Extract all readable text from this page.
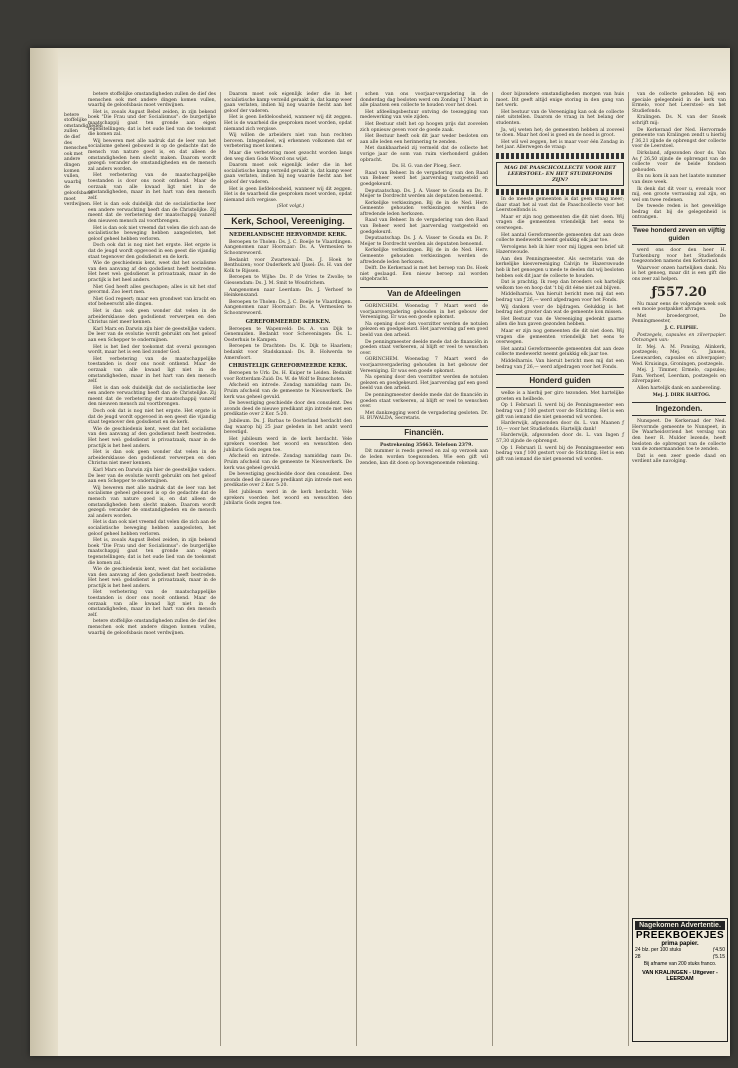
betere stoffelijke omstandigheden zullen de dief des menschen ook met andere dingen komen vullen, waarbij de geloofsbasis moet verdwijnen.

betere stoffelijke omstandigheden zullen de dief des menschen ook met andere dingen komen vullen, waarbij de geloofsbasis moet verdwijnen.

Het is, zooals August Bebel zeiden, in zijn bekend boek "Die Frau und der Socialismus": de burgerlijke maatschappij gaat ten gronde aan eigen tegenstellingen; dat is het oude lied van de toekomst die komen zal.

Wij beweren met alle nadruk dat de leer van het socialisme geheel gebouwd is op de gedachte dat de mensch van nature goed is, en dat alleen de omstandigheden hem slecht maken. Daarom wordt gezegd: verander de omstandigheden en de mensch zal anders worden.

Het verbetering van de maatschappelijke toestanden is door ons nooit ontkend. Maar de oorzaak van alle kwaad ligt niet in de omstandigheden, maar in het hart van den mensch zelf.

Het is dan ook duidelijk dat de socialistische leer een andere verwachting heeft dan de Christelijke. Zij meent dat de verbetering der maatschappij vanzelf den nieuwen mensch zal voortbrengen.

Het is dan ook niet vreemd dat velen die zich aan de socialistische beweging hebben aangesloten, het geloof geheel hebben verloren.

Doch ook dat is nog niet het ergste. Het ergste is dat de jeugd wordt opgevoed in een geest die vijandig staat tegenover den godsdienst en de kerk.

Wie de geschiedenis kent, weet dat het socialisme van den aanvang af den godsdienst heeft bestreden. Het heet wel: godsdienst is privaatzaak, maar in de practijk is het heel anders.

Niet God heeft alles geschapen; alles is uit het stof gevormd. Zoo leert men.

Niet God regeert; maar een grondwet van kracht en stof beheerscht alle dingen.

Het is dan ook geen wonder dat velen in de arbeidersklasse den godsdienst verwerpen en den Christus niet meer kennen.

Karl Marx en Darwin zijn hier de geestelijke vaders. De leer van de evolutie wordt gebruikt om het geloof aan een Schepper te ondermijnen.

Het is het lied der toekomst dat overal gezongen wordt, maar het is een lied zonder God.

Het verbetering van de maatschappelijke toestanden is door ons nooit ontkend. Maar de oorzaak van alle kwaad ligt niet in de omstandigheden, maar in het hart van den mensch zelf.

Het is dan ook duidelijk dat de socialistische leer een andere verwachting heeft dan de Christelijke. Zij meent dat de verbetering der maatschappij vanzelf den nieuwen mensch zal voortbrengen.

Doch ook dat is nog niet het ergste. Het ergste is dat de jeugd wordt opgevoed in een geest die vijandig staat tegenover den godsdienst en de kerk.

Wie de geschiedenis kent, weet dat het socialisme van den aanvang af den godsdienst heeft bestreden. Het heet wel: godsdienst is privaatzaak, maar in de practijk is het heel anders.

Het is dan ook geen wonder dat velen in de arbeidersklasse den godsdienst verwerpen en den Christus niet meer kennen.

Karl Marx en Darwin zijn hier de geestelijke vaders. De leer van de evolutie wordt gebruikt om het geloof aan een Schepper te ondermijnen.

Wij beweren met alle nadruk dat de leer van het socialisme geheel gebouwd is op de gedachte dat de mensch van nature goed is, en dat alleen de omstandigheden hem slecht maken. Daarom wordt gezegd: verander de omstandigheden en de mensch zal anders worden.

Het is dan ook niet vreemd dat velen die zich aan de socialistische beweging hebben aangesloten, het geloof geheel hebben verloren.

Het is, zooals August Bebel zeiden, in zijn bekend boek "Die Frau und der Socialismus": de burgerlijke maatschappij gaat ten gronde aan eigen tegenstellingen; dat is het oude lied van de toekomst die komen zal.

Wie de geschiedenis kent, weet dat het socialisme van den aanvang af den godsdienst heeft bestreden. Het heet wel: godsdienst is privaatzaak, maar in de practijk is het heel anders.

Het verbetering van de maatschappelijke toestanden is door ons nooit ontkend. Maar de oorzaak van alle kwaad ligt niet in de omstandigheden, maar in het hart van den mensch zelf.

betere stoffelijke omstandigheden zullen de dief des menschen ook met andere dingen komen vullen, waarbij de geloofsbasis moet verdwijnen.

Daarom moet ook eigenlijk ieder die in het socialistische kamp verzeild geraakt is, dat kamp weer gaan verlaten, indien hij nog waarde hecht aan het geloof der vaderen.

Het is geen liefdeloosheid, wanneer wij dit zeggen. Het is de waarheid die gesproken moet worden, opdat niemand zich vergisse.

Wij willen de arbeiders niet van hun rechten beroven. Integendeel, wij erkennen volkomen dat er verbetering moet komen.

Maar die verbetering moet gezocht worden langs den weg dien Gods Woord ons wijst.

Daarom moet ook eigenlijk ieder die in het socialistische kamp verzeild geraakt is, dat kamp weer gaan verlaten, indien hij nog waarde hecht aan het geloof der vaderen.

Het is geen liefdeloosheid, wanneer wij dit zeggen. Het is de waarheid die gesproken moet worden, opdat niemand zich vergisse.

(Slot volgt.)

Kerk, School, Vereeniging.
NEDERLANDSCHE HERVORMDE KERK.

Beroepen te Tholen: Ds. J. C. Boeije te Vlaardingen. Aangenomen naar Hoornaar: Ds. A. Vermeulen te Schoonrewoerd.

Bedankt voor Zwartewaal: Ds. J. Hoek te Benthuizen; voor Ouderkerk a/d IJssel: Ds. H. van der Kolk te Rijssen.

Beroepen te Wijhe: Ds. P. de Vries te Zwolle; te Giessendam: Ds. J. M. Smit te Woudrichem.

Aangenomen naar Leerdam: Ds. J. Verhoef te Heinkenszand.

Beroepen te Tholen: Ds. J. C. Boeije te Vlaardingen. Aangenomen naar Hoornaar: Ds. A. Vermeulen te Schoonrewoerd.

GEREFORMEERDE KERKEN.

Beroepen te Wapenveld: Ds. A. van Dijk te Genemuiden. Bedankt voor Scheveningen: Ds. L. Oosterhuis te Kampen.

Beroepen te Drachten: Ds. K. Dijk te Haarlem; bedankt voor Stadskanaal: Ds. B. Holwerda te Amersfoort.

CHRISTELIJK GEREFORMEERDE KERK.

Beroepen te Urk: Ds. H. Kuiper te Leiden. Bedankt voor Rotterdam-Zuid: Ds. W. de Wolf te Bunschoten.

Afscheid en intrede. Zondag namiddag nam Ds. Pruim afscheid van de gemeente te Nieuwerkerk. De kerk was geheel gevuld.

De bevestiging geschiedde door den consulent. Des avonds deed de nieuwe predikant zijn intrede met een predikatie over 2 Kor. 5:20.

Jubileum. Ds. J. Barbas te Oosterland herdacht den dag waarop hij 25 jaar geleden in het ambt werd bevestigd.

Het jubileum werd in de kerk herdacht. Vele sprekers voerden het woord en wenschten den jubilaris Gods zegen toe.

Afscheid en intrede. Zondag namiddag nam Ds. Pruim afscheid van de gemeente te Nieuwerkerk. De kerk was geheel gevuld.

De bevestiging geschiedde door den consulent. Des avonds deed de nieuwe predikant zijn intrede met een predikatie over 2 Kor. 5:20.

Het jubileum werd in de kerk herdacht. Vele sprekers voerden het woord en wenschten den jubilaris Gods zegen toe.

schen van ons voorjaar-vergadering in de donderdag dag besloten werd om Zondag 17 Maart in alle plaatsen een collecte te houden voor het doel.

Het afdeelingsbestuur ontving de toezegging van medewerking van vele zijden.

Het Bestuur stelt het op hoogen prijs dat zoovelen zich opnieuw geven voor de goede zaak.

Het Bestuur heeft ook dit jaar weder besloten om aan alle leden een herinnering te zenden.

Met dankbaarheid zij vermeld dat de collecte het vorige jaar de som van ruim vierhonderd gulden opbracht.

Ds. H. G. van der Ploeg, Secr.

Raad van Beheer. In de vergadering van den Raad van Beheer werd het jaarverslag vastgesteld en goedgekeurd.

Deputaatschap. Ds. J. A. Visser te Gouda en Ds. P. Meijer te Dordrecht werden als deputaten benoemd.

Kerkelijke verkiezingen. Bij de in de Ned. Herv. Gemeente gehouden verkiezingen werden de aftredende leden herkozen.

Raad van Beheer. In de vergadering van den Raad van Beheer werd het jaarverslag vastgesteld en goedgekeurd.

Deputaatschap. Ds. J. A. Visser te Gouda en Ds. P. Meijer te Dordrecht werden als deputaten benoemd.

Kerkelijke verkiezingen. Bij de in de Ned. Herv. Gemeente gehouden verkiezingen werden de aftredende leden herkozen.

Delft. De Kerkeraad is met het beroep van Ds. Hoek niet geslaagd. Een nieuw beroep zal worden uitgebracht.

Van de Afdeelingen

GORINCHEM. Woensdag 7 Maart werd de voorjaarsvergadering gehouden in het gebouw der Vereeniging. Er was een goede opkomst.

Na opening door den voorzitter werden de notulen gelezen en goedgekeurd. Het jaarverslag gaf een goed beeld van den arbeid.

De penningmeester deelde mede dat de financiën in goeden staat verkeeren, al blijft er veel te wenschen over.

GORINCHEM. Woensdag 7 Maart werd de voorjaarsvergadering gehouden in het gebouw der Vereeniging. Er was een goede opkomst.

Na opening door den voorzitter werden de notulen gelezen en goedgekeurd. Het jaarverslag gaf een goed beeld van den arbeid.

De penningmeester deelde mede dat de financiën in goeden staat verkeeren, al blijft er veel te wenschen over.

Met dankzegging werd de vergadering gesloten. Dr. H. BUWALDA, Secretaris.

Financiën.

Postrekening 35663. Telefoon 2379.

Dit nummer is reeds gereed en zal op verzoek aan de leden worden toegezonden. Wie een gift wil zenden, kan dit doen op bovengenoemde rekening.

door bijzondere omstandigheden morgen van huis moet. Dit geeft altijd enige storing in den gang van het werk.

Het bestuur van de Vereeniging kan ook de collecte niet uitstellen. Daarom de vraag in het belang der studenten.

Ja, wij weten het; de gemeenten hebben al zooveel te doen. Maar het doel is goed en de nood is groot.

Het wil wel zeggen, het is maar voor één Zondag in het jaar. Allerwegen de vraag:

MAG DE PAASCHCOLLECTE VOOR HET LEERSTOEL- EN HET STUDIEFONDS ZIJN?

In de meeste gemeenten is dat geen vraag meer; daar staat het al vast dat de Paaschcollecte voor het Leerstoelfonds is.

Maar er zijn nog gemeenten die dit niet doen. Wij vragen die gemeenten vriendelijk het eens te overwegen.

Het aantal Gereformeerde gemeenten dat aan deze collecte medewerkt neemt gelukkig elk jaar toe.

Vervolgens heb ik hier voor mij liggen een brief uit Hazerswoude.

Aan den Penningmeester. Als secretaris van de kerkelijke kiesvereeniging Calvijn te Hazerswoude heb ik het genoegen u mede te deelen dat wij besloten hebben ook dit jaar de collecte te houden.

Dat is prachtig. Ik roep dan broeders ook hartelijk welkom toe en hoop dat 't bij dit ééne niet zal blijven.

Middelharnis. Van hieruit bericht men mij dat een bedrag van ƒ 26,— werd afgedragen voor het Fonds.

Wij danken voor de bijdragen. Gelukkig is het bedrag niet grooter dan wat de gemeente kon missen.

Het Bestuur van de Vereeniging gedenkt gaarne allen die hun gaven gezonden hebben.

Maar er zijn nog gemeenten die dit niet doen. Wij vragen die gemeenten vriendelijk het eens te overwegen.

Het aantal Gereformeerde gemeenten dat aan deze collecte medewerkt neemt gelukkig elk jaar toe.

Middelharnis. Van hieruit bericht men mij dat een bedrag van ƒ 26,— werd afgedragen voor het Fonds.

Honderd guiden

welke is a hierbij per giro tezonden. Met hartelijke groeten en heilbede.

Op 1 Februari ll. werd bij de Penningmeester een bedrag van ƒ 100 gestort voor de Stichting. Het is een gift van iemand die niet genoemd wil worden.

Harderwijk, afgezonden door ds. L. van Maanen ƒ 10,— voor het Studiefonds. Hartelijk dank!

Harderwijk, afgezonden door ds. L. van Ingen ƒ 57,30 zijnde de opbrengst.

Op 1 Februari ll. werd bij de Penningmeester een bedrag van ƒ 100 gestort voor de Stichting. Het is een gift van iemand die niet genoemd wil worden.

van de collecte gehouden bij een speciale gelegenheid in de kerk van Ermelo, voor het Leerstoel- en het Studiefonds.

Kralingen. Ds. N. van der Snoek schrijft mij:

De Kerkeraad der Ned. Hervormde gemeente van Kralingen zendt u hierbij ƒ 36,21 zijnde de opbrengst der collecte voor de Leerstoel.

Dirksland, afgezonden door ds. Van As ƒ 26,50 zijnde de opbrengst van de collecte voor de beide fondsen gehouden.

En nu kom ik aan het laatste nummer van deze week.

Ik denk dat dit voor u, evenals voor mij, een groote verrassing zal zijn, en wel om twee redenen.

De tweede reden is het geweldige bedrag dat bij de gelegenheid is ontvangen.

Twee honderd zeven en vijftig guiden

werd ons door den heer H. Turkenburg voor het Studiefonds toegezonden namens den Kerkeraad.

Waarvoor onzen hartelijken dank. Nu is het genoeg, maar dit is een gift die ons zeer zal helpen.

ƒ557.20

Nu maar eens de volgende week ook een mooie postpakket afvragen.

Met broedergroet, De Penningmeester,

J. C. FLIPHE.

Postzegels, capsules en zilverpapier. Ontvangen van:

Ir. Mej. A. M. Ponsing, Alinkerk, postzegels; Mej. G. Jansen, Leeuwarden, capsules en zilverpapier; Wed. Kruisinga, Groningen, postzegels.

Mej. J. Timmer, Ermelo, capsules; Fam. Verhoef, Leerdam, postzegels en zilverpapier.

Allen hartelijk dank en aanbeveling.

Mej. J. DIRK HARTOG.

Ingezonden.

Nunspeet. De Kerkeraad der Ned. Hervormde gemeente te Nunspeet, in De Waarheidsvriend het verslag van den heer R. Mulder lezende, heeft besloten de opbrengst van de collecte van de zomermaanden toe te zenden.

Dat is een zeer goede daad en verdient alle navolging.

Nagekomen Advertentie.
PREEKBOEKJES
prima papier.
24 blz. per 100 stuks	ƒ4.50
28	ƒ5.15
Bij afname van 200 stuks franco.
VAN KRALINGEN - Uitgever - LEERDAM
